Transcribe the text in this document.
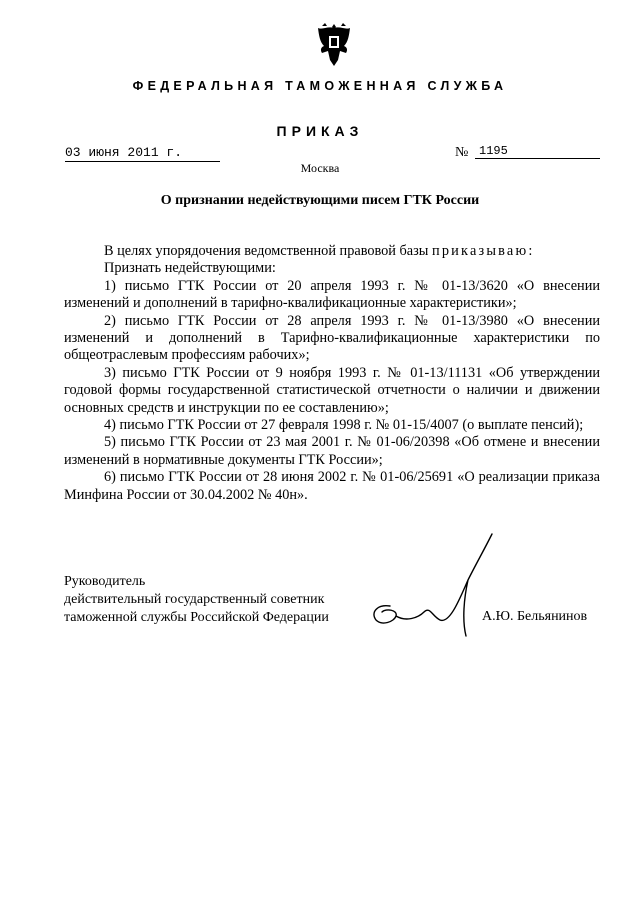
ФЕДЕРАЛЬНАЯ ТАМОЖЕННАЯ СЛУЖБА
ПРИКАЗ
03 июня 2011 г.	№ 1195
Москва
О признании недействующими писем ГТК России

В целях упорядочения ведомственной правовой базы приказываю:

Признать недействующими:

1) письмо ГТК России от 20 апреля 1993 г. № 01-13/3620 «О внесении изменений и дополнений в тарифно-квалификационные характеристики»;

2) письмо ГТК России от 28 апреля 1993 г. № 01-13/3980 «О внесении изменений и дополнений в Тарифно-квалификационные характеристики по общеотраслевым профессиям рабочих»;

3) письмо ГТК России от 9 ноября 1993 г. № 01-13/11131 «Об утверждении годовой формы государственной статистической отчетности о наличии и движении основных средств и инструкции по ее составлению»;

4) письмо ГТК России от 27 февраля 1998 г. № 01-15/4007 (о выплате пенсий);

5) письмо ГТК России от 23 мая 2001 г. № 01-06/20398 «Об отмене и внесении изменений в нормативные документы ГТК России»;

6) письмо ГТК России от 28 июня 2002 г. № 01-06/25691 «О реализации приказа Минфина России от 30.04.2002 № 40н».

Руководитель
действительный государственный советник
таможенной службы Российской Федерации	А.Ю. Бельянинов
